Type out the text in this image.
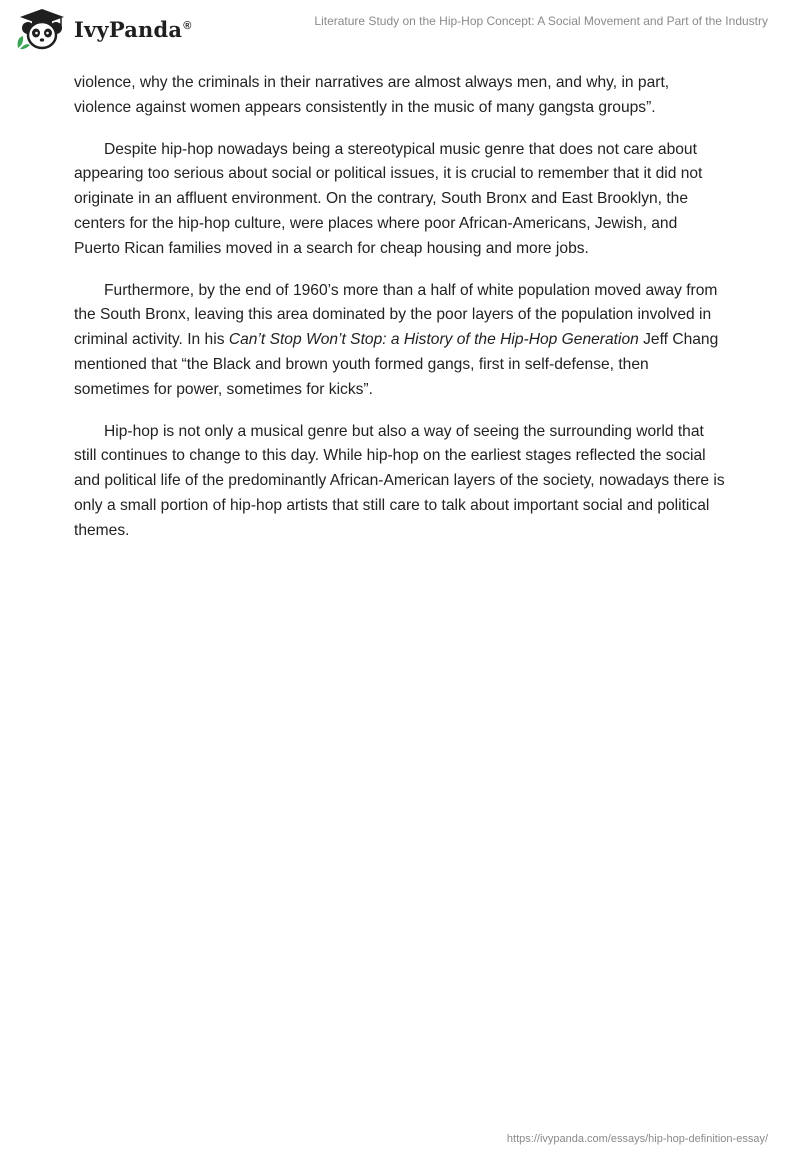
IvyPanda®	Literature Study on the Hip-Hop Concept: A Social Movement and Part of the Industry

violence, why the criminals in their narratives are almost always men, and why, in part, violence against women appears consistently in the music of many gangsta groups”.

Despite hip-hop nowadays being a stereotypical music genre that does not care about appearing too serious about social or political issues, it is crucial to remember that it did not originate in an affluent environment. On the contrary, South Bronx and East Brooklyn, the centers for the hip-hop culture, were places where poor African-Americans, Jewish, and Puerto Rican families moved in a search for cheap housing and more jobs.

Furthermore, by the end of 1960’s more than a half of white population moved away from the South Bronx, leaving this area dominated by the poor layers of the population involved in criminal activity. In his Can’t Stop Won’t Stop: a History of the Hip-Hop Generation Jeff Chang mentioned that “the Black and brown youth formed gangs, first in self-defense, then sometimes for power, sometimes for kicks”.

Hip-hop is not only a musical genre but also a way of seeing the surrounding world that still continues to change to this day. While hip-hop on the earliest stages reflected the social and political life of the predominantly African-American layers of the society, nowadays there is only a small portion of hip-hop artists that still care to talk about important social and political themes.

https://ivypanda.com/essays/hip-hop-definition-essay/
